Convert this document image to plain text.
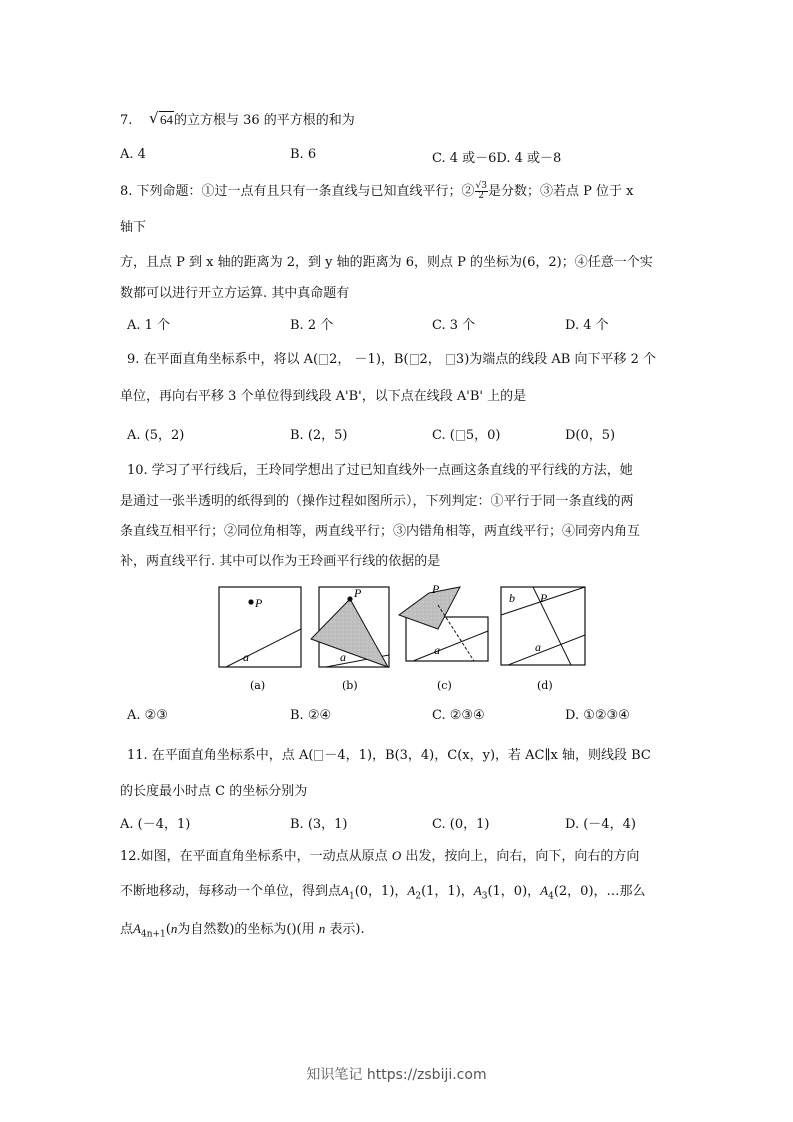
7. √ 64的立方根与 36 的平方根的和为
A. 4	B. 6	C. 4 或－6D. 4 或－8
8. 下列命题：①过一点有且只有一条直线与已知直线平行；② $\frac{√3}{2}$ 是分数；③若点 P 位于 x
轴下
方，且点 P 到 x 轴的距离为 2，到 y 轴的距离为 6，则点 P 的坐标为(6，2)；④任意一个实
数都可以进行开立方运算. 其中真命题有
A. 1 个	B. 2 个	C. 3 个	D. 4 个
9. 在平面直角坐标系中，将以 A( 2， －1)，B( 2， 3)为端点的线段 AB 向下平移 2 个
单位，再向右平移 3 个单位得到线段 A'B'，以下点在线段 A'B' 上的是
A. (5，2)	B. (2，5)	C. ( 5，0)	D(0，5)
10. 学习了平行线后，王玲同学想出了过已知直线外一点画这条直线的平行线的方法，她
是通过一张半透明的纸得到的（操作过程如图所示），下列判定：①平行于同一条直线的两
条直线互相平行；②同位角相等，两直线平行；③内错角相等，两直线平行；④同旁内角互
补，两直线平行. 其中可以作为王玲画平行线的依据的是
P
a
(a)
P
a
(b)
P
a
(c)
b P
a
(d)
A. ②③	B. ②④	C. ②③④	D. ①②③④
11. 在平面直角坐标系中，点 A( －4，1)，B(3，4)，C(x，y)，若 AC∥x 轴，则线段 BC
的长度最小时点 C 的坐标分别为
A. (－4，1)	B. (3，1)	C. (0，1)	D. (－4，4)
12.如图，在平面直角坐标系中，一动点从原点 O 出发，按向上，向右，向下，向右的方向
不断地移动，每移动一个单位，得到点$A_1(0$，1)，$A_2(1$，1)，$A_3(1$，0)，$A_4(2$，0)，…那么
点$A_{4n+1}(n$为自然数)的坐标为()(用 n 表示).
知识笔记 https://zsbiji.com
